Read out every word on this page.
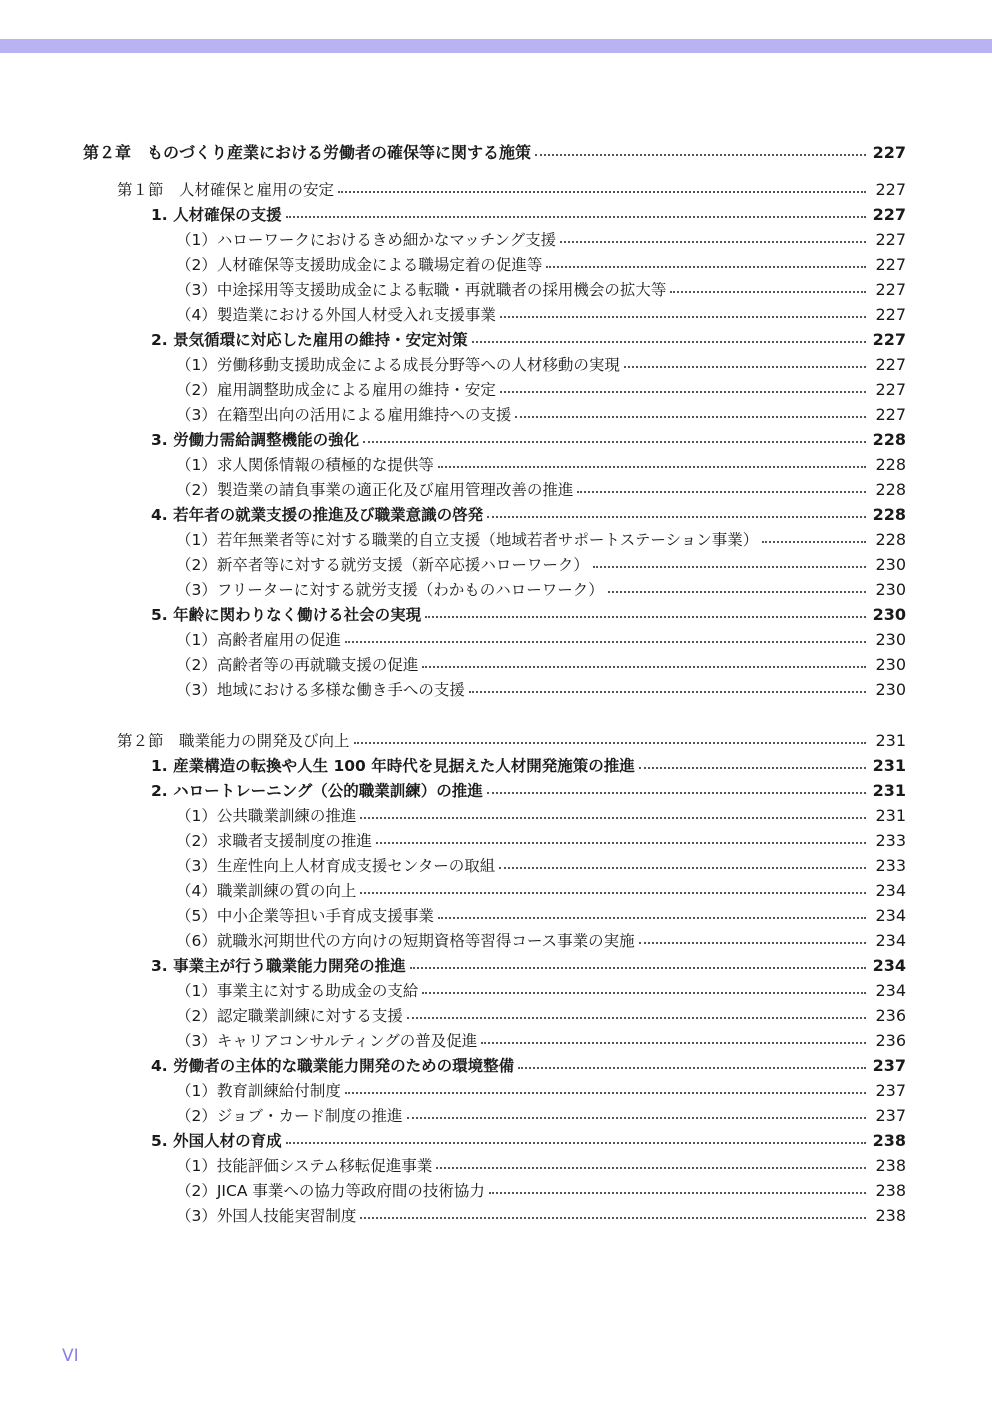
第２章　ものづくり産業における労働者の確保等に関する施策	227
第１節　人材確保と雇用の安定	227
1. 人材確保の支援	227
（1）ハローワークにおけるきめ細かなマッチング支援	227
（2）人材確保等支援助成金による職場定着の促進等	227
（3）中途採用等支援助成金による転職・再就職者の採用機会の拡大等	227
（4）製造業における外国人材受入れ支援事業	227
2. 景気循環に対応した雇用の維持・安定対策	227
（1）労働移動支援助成金による成長分野等への人材移動の実現	227
（2）雇用調整助成金による雇用の維持・安定	227
（3）在籍型出向の活用による雇用維持への支援	227
3. 労働力需給調整機能の強化	228
（1）求人関係情報の積極的な提供等	228
（2）製造業の請負事業の適正化及び雇用管理改善の推進	228
4. 若年者の就業支援の推進及び職業意識の啓発	228
（1）若年無業者等に対する職業的自立支援（地域若者サポートステーション事業）	228
（2）新卒者等に対する就労支援（新卒応援ハローワーク）	230
（3）フリーターに対する就労支援（わかものハローワーク）	230
5. 年齢に関わりなく働ける社会の実現	230
（1）高齢者雇用の促進	230
（2）高齢者等の再就職支援の促進	230
（3）地域における多様な働き手への支援	230
第２節　職業能力の開発及び向上	231
1. 産業構造の転換や人生 100 年時代を見据えた人材開発施策の推進	231
2. ハロートレーニング（公的職業訓練）の推進	231
（1）公共職業訓練の推進	231
（2）求職者支援制度の推進	233
（3）生産性向上人材育成支援センターの取組	233
（4）職業訓練の質の向上	234
（5）中小企業等担い手育成支援事業	234
（6）就職氷河期世代の方向けの短期資格等習得コース事業の実施	234
3. 事業主が行う職業能力開発の推進	234
（1）事業主に対する助成金の支給	234
（2）認定職業訓練に対する支援	236
（3）キャリアコンサルティングの普及促進	236
4. 労働者の主体的な職業能力開発のための環境整備	237
（1）教育訓練給付制度	237
（2）ジョブ・カード制度の推進	237
5. 外国人材の育成	238
（1）技能評価システム移転促進事業	238
（2）JICA 事業への協力等政府間の技術協力	238
（3）外国人技能実習制度	238
VI
